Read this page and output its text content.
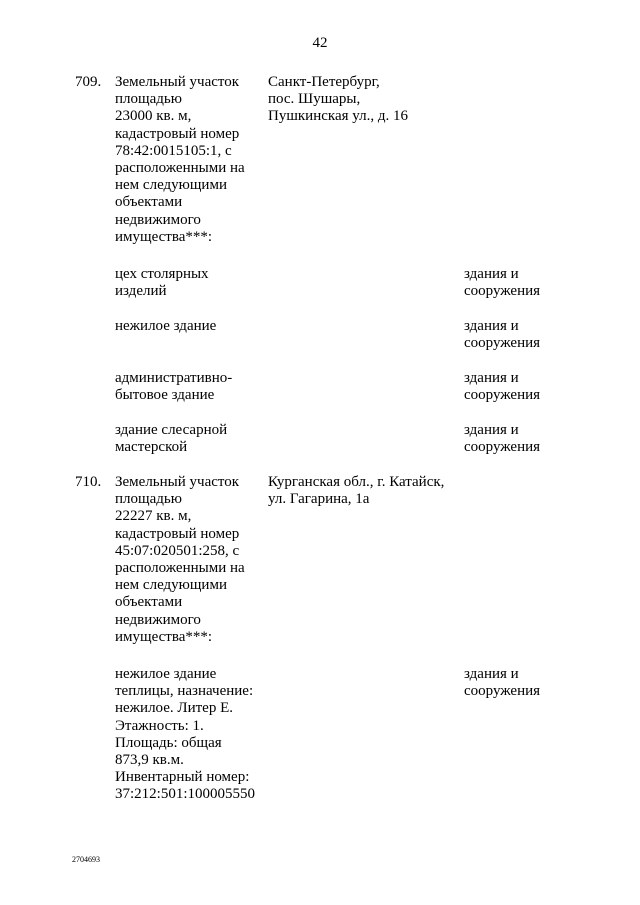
42
709. Земельный участок
площадью
23000 кв. м,
кадастровый номер
78:42:0015105:1, с
расположенными на
нем следующими
объектами
недвижимого
имущества***:
Санкт-Петербург,
пос. Шушары,
Пушкинская ул., д. 16
цех столярных
изделий
здания и
сооружения
нежилое здание	здания и
сооружения
административно-
бытовое здание
здания и
сооружения
здание слесарной
мастерской
здания и
сооружения
710. Земельный участок
площадью
22227 кв. м,
кадастровый номер
45:07:020501:258, с
расположенными на
нем следующими
объектами
недвижимого
имущества***:
Курганская обл., г. Катайск,
ул. Гагарина, 1а
нежилое здание
теплицы, назначение:
нежилое. Литер Е.
Этажность: 1.
Площадь: общая
873,9 кв.м.
Инвентарный номер:
37:212:501:100005550
здания и
сооружения
2704693
